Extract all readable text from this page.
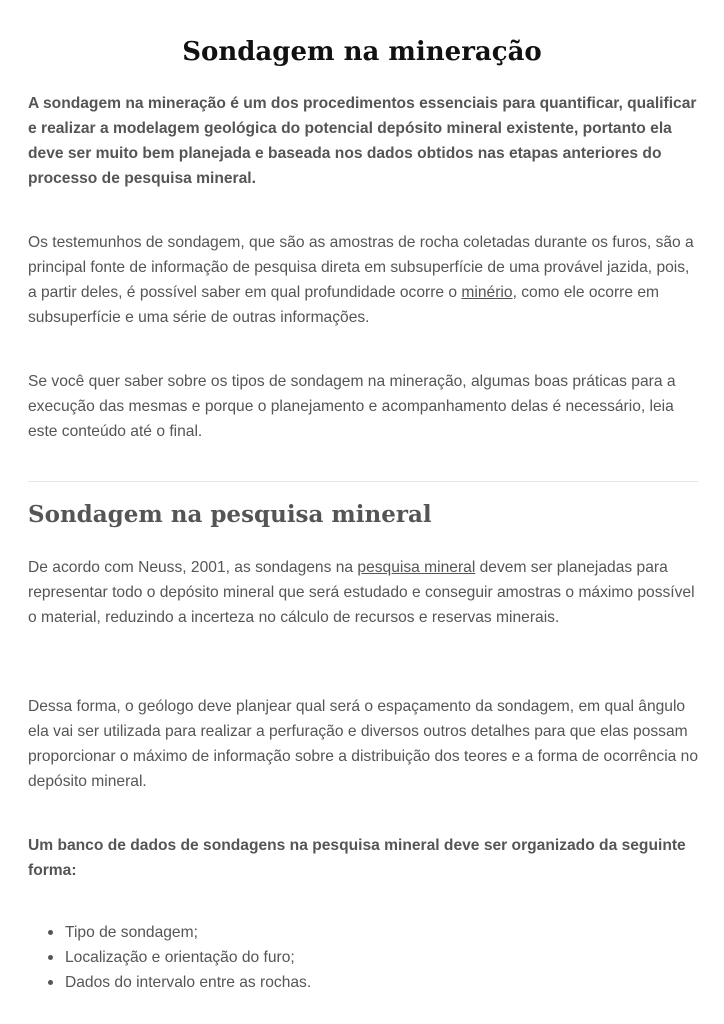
Sondagem na mineração

A sondagem na mineração é um dos procedimentos essenciais para quantificar, qualificar e realizar a modelagem geológica do potencial depósito mineral existente, portanto ela deve ser muito bem planejada e baseada nos dados obtidos nas etapas anteriores do processo de pesquisa mineral.

Os testemunhos de sondagem, que são as amostras de rocha coletadas durante os furos, são a principal fonte de informação de pesquisa direta em subsuperfície de uma provável jazida, pois, a partir deles, é possível saber em qual profundidade ocorre o minério, como ele ocorre em subsuperfície e uma série de outras informações.

Se você quer saber sobre os tipos de sondagem na mineração, algumas boas práticas para a execução das mesmas e porque o planejamento e acompanhamento delas é necessário, leia este conteúdo até o final.

Sondagem na pesquisa mineral

De acordo com Neuss, 2001, as sondagens na pesquisa mineral devem ser planejadas para representar todo o depósito mineral que será estudado e conseguir amostras o máximo possível o material, reduzindo a incerteza no cálculo de recursos e reservas minerais.

Dessa forma, o geólogo deve planjear qual será o espaçamento da sondagem, em qual ângulo ela vai ser utilizada para realizar a perfuração e diversos outros detalhes para que elas possam proporcionar o máximo de informação sobre a distribuição dos teores e a forma de ocorrência no depósito mineral.

Um banco de dados de sondagens na pesquisa mineral deve ser organizado da seguinte forma:

Tipo de sondagem;
Localização e orientação do furo;
Dados do intervalo entre as rochas.
